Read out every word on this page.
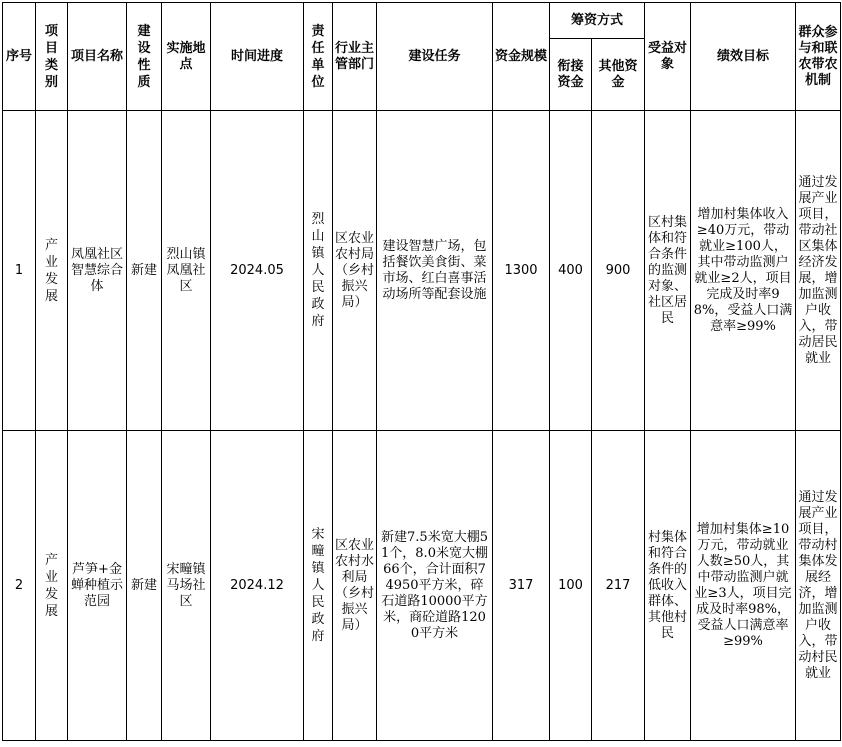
序号	项目类别	项目名称	建设性质	实施地点	时间进度	责任单位	行业主管部门	建设任务	资金规模	筹资方式		受益对象	绩效目标	群众参与和联农带农机制
										衔接资金	其他资金			
1	产业发展	凤凰社区智慧综合体	新建	烈山镇凤凰社区	2024.05	烈山镇人民政府	区农业农村局（乡村振兴局）	建设智慧广场，包括餐饮美食街、菜市场、红白喜事活动场所等配套设施	1300	400	900	区村集体和符合条件的监测对象、社区居民	增加村集体收入≥40万元，带动就业≥100人，其中带动监测户就业≥2人，项目完成及时率98%，受益人口满意率≥99%	通过发展产业项目，带动社区集体经济发展，增加监测户收入，带动居民就业
2	产业发展	芦笋+金蝉种植示范园	新建	宋疃镇马场社区	2024.12	宋疃镇人民政府	区农业农村水利局（乡村振兴局）	新建7.5米宽大棚51个，8.0米宽大棚66个，合计面积74950平方米，碎石道路10000平方米，商砼道路1200平方米	317	100	217	村集体和符合条件的低收入群体、其他村民	增加村集体≥10万元，带动就业人数≥50人，其中带动监测户就业≥3人，项目完成及时率98%，受益人口满意率≥99%	通过发展产业项目，带动村集体发展经济，增加监测户收入，带动村民就业
